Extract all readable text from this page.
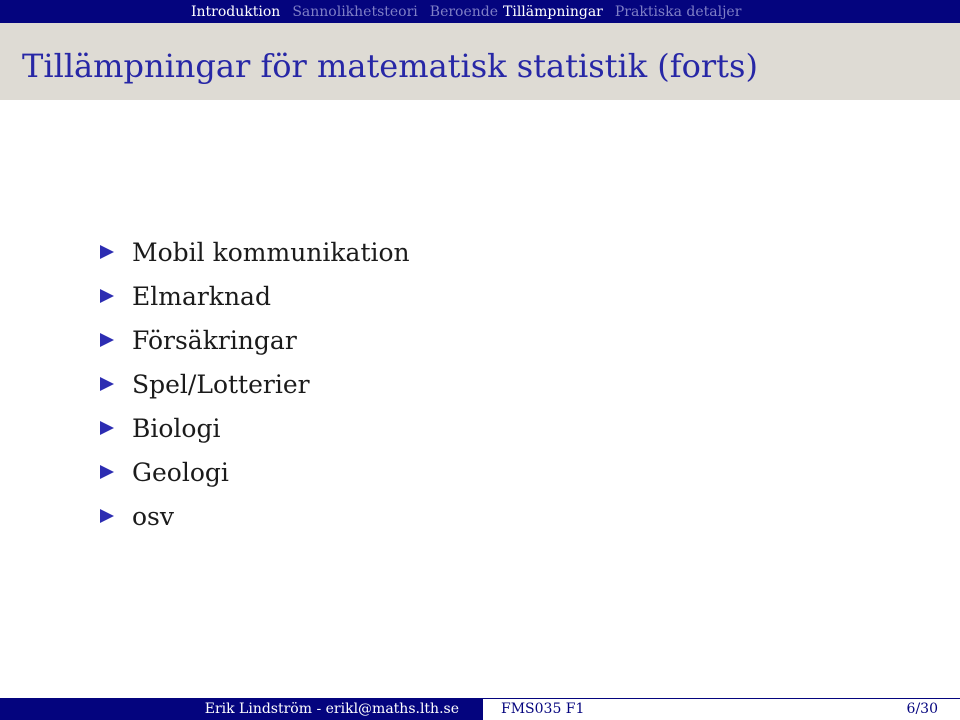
Introduktion Sannolikhetsteori Beroende Tillämpningar Praktiska detaljer
Tillämpningar för matematisk statistik (forts)
Mobil kommunikation
Elmarknad
Försäkringar
Spel/Lotterier
Biologi
Geologi
osv
Erik Lindström - erikl@maths.lth.se	FMS035 F1	6/30
